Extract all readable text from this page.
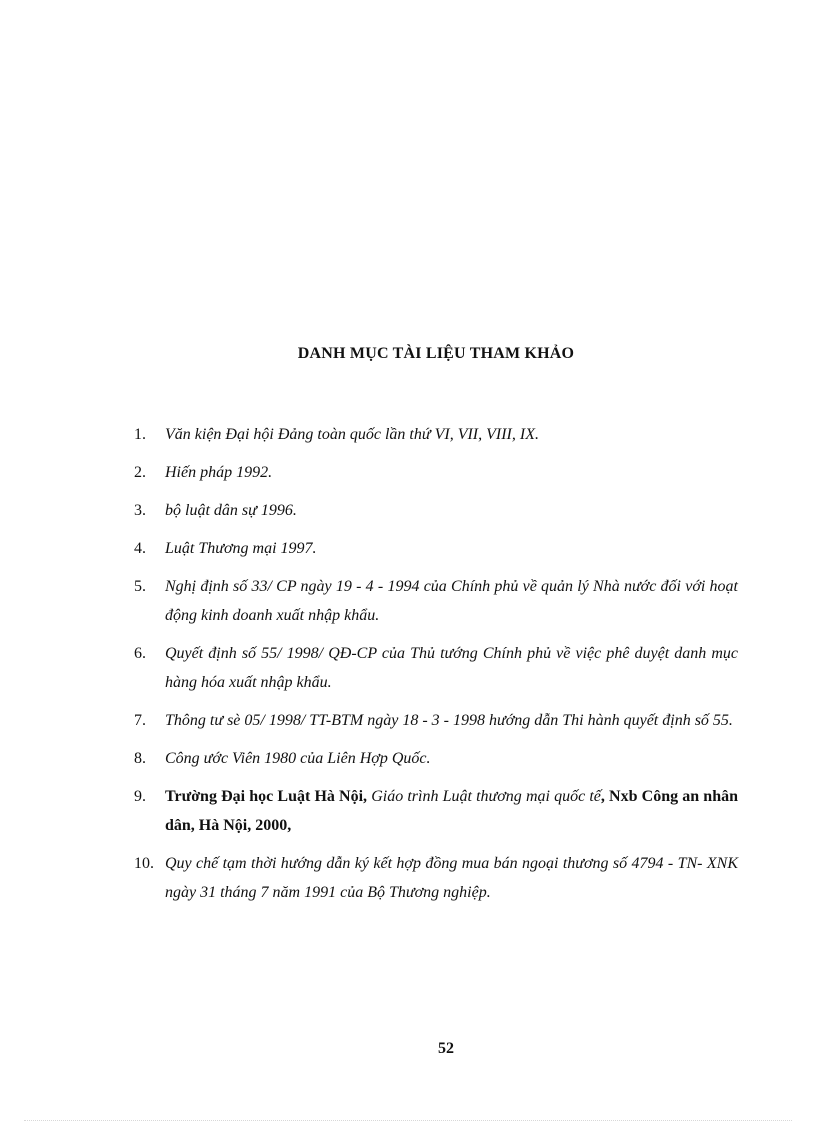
DANH MỤC TÀI LIỆU THAM KHẢO
1. Văn kiện Đại hội Đảng toàn quốc lần thứ VI, VII, VIII, IX.
2. Hiến pháp 1992.
3. bộ luật dân sự 1996.
4. Luật Thương mại 1997.
5. Nghị định số 33/ CP ngày 19 - 4 - 1994 của Chính phủ về quản lý Nhà nước đối với hoạt động kinh doanh xuất nhập khẩu.
6. Quyết định số 55/ 1998/ QĐ-CP của Thủ tướng Chính phủ về việc phê duyệt danh mục hàng hóa xuất nhập khẩu.
7. Thông tư sè 05/ 1998/ TT-BTM ngày 18 - 3 - 1998 hướng dẫn Thi hành quyết định số 55.
8. Công ước Viên 1980 của Liên Hợp Quốc.
9. Trường Đại học Luật Hà Nội, Giáo trình Luật thương mại quốc tế, Nxb Công an nhân dân, Hà Nội, 2000,
10. Quy chế tạm thời hướng dẫn ký kết hợp đồng mua bán ngoại thương số 4794 - TN- XNK ngày 31 tháng 7 năm 1991 của Bộ Thương nghiệp.
52
